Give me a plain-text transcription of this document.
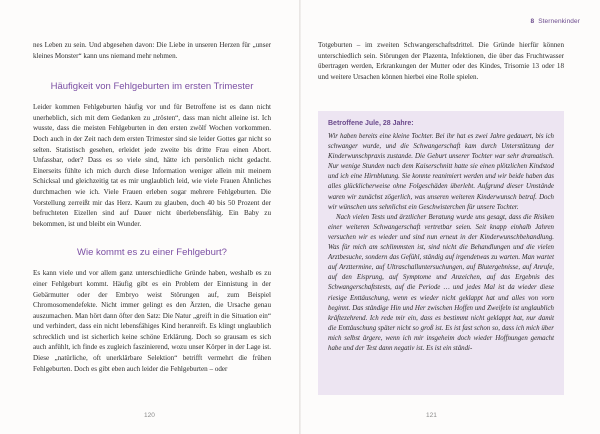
nes Leben zu sein. Und abgesehen davon: Die Liebe in unseren Herzen für „unser kleines Monster“ kann uns niemand mehr nehmen.

Häufigkeit von Fehlgeburten im ersten Trimester

Leider kommen Fehlgeburten häufig vor und für Betroffene ist es dann nicht unerheblich, sich mit dem Gedanken zu „trösten“, dass man nicht alleine ist. Ich wusste, dass die meisten Fehlgeburten in den ersten zwölf Wochen vorkommen. Doch auch in der Zeit nach dem ersten Trimester sind sie leider Gottes gar nicht so selten. Statistisch gesehen, erleidet jede zweite bis dritte Frau einen Abort. Unfassbar, oder? Dass es so viele sind, hätte ich persönlich nicht gedacht. Einerseits fühlte ich mich durch diese Information weniger allein mit meinem Schicksal und gleichzeitig tat es mir unglaublich leid, wie viele Frauen Ähnliches durchmachen wie ich. Viele Frauen erleben sogar mehrere Fehlgeburten. Die Vorstellung zerreißt mir das Herz. Kaum zu glauben, doch 40 bis 50 Prozent der befruchteten Eizellen sind auf Dauer nicht überlebensfähig. Ein Baby zu bekommen, ist und bleibt ein Wunder.

Wie kommt es zu einer Fehlgeburt?

Es kann viele und vor allem ganz unterschiedliche Gründe haben, weshalb es zu einer Fehlgeburt kommt. Häufig gibt es ein Problem der Einnistung in der Gebärmutter oder der Embryo weist Störungen auf, zum Beispiel Chromosomendefekte. Nicht immer gelingt es den Ärzten, die Ursache genau auszumachen. Man hört dann öfter den Satz: Die Natur „greift in die Situation ein“ und verhindert, dass ein nicht lebensfähiges Kind heranreift. Es klingt unglaublich schrecklich und ist sicherlich keine schöne Erklärung. Doch so grausam es sich auch anfühlt, ich finde es zugleich faszinierend, wozu unser Körper in der Lage ist. Diese „natürliche, oft unerklärbare Selektion“ betrifft vermehrt die frühen Fehlgeburten. Doch es gibt eben auch leider die Fehlgeburten – oder

120
8 Sternenkinder

Totgeburten – im zweiten Schwangerschaftsdrittel. Die Gründe hierfür können unterschiedlich sein. Störungen der Plazenta, Infektionen, die über das Fruchtwasser übertragen werden, Erkrankungen der Mutter oder des Kindes, Trisomie 13 oder 18 und weitere Ursachen können hierbei eine Rolle spielen.

Betroffene Jule, 28 Jahre:

Wir haben bereits eine kleine Tochter. Bei ihr hat es zwei Jahre gedauert, bis ich schwanger wurde, und die Schwangerschaft kam durch Unterstützung der Kinderwunschpraxis zustande. Die Geburt unserer Tochter war sehr dramatisch. Nur wenige Stunden nach dem Kaiserschnitt hatte sie einen plötzlichen Kindstod und ich eine Hirnblutung. Sie konnte reanimiert werden und wir beide haben das alles glücklicherweise ohne Folgeschäden überlebt. Aufgrund dieser Umstände waren wir zunächst zögerlich, was unseren weiteren Kinderwunsch betraf. Doch wir wünschen uns sehnlichst ein Geschwisterchen für unsere Tochter.

Nach vielen Tests und ärztlicher Beratung wurde uns gesagt, dass die Risiken einer weiteren Schwangerschaft vertretbar seien. Seit knapp einhalb Jahren versuchen wir es wieder und sind nun erneut in der Kinderwunschbehandlung. Was für mich am schlimmsten ist, sind nicht die Behandlungen und die vielen Arztbesuche, sondern das Gefühl, ständig auf irgendetwas zu warten. Man wartet auf Arzttermine, auf Ultraschalluntersuchungen, auf Blutergebnisse, auf Anrufe, auf den Eisprung, auf Symptome und Anzeichen, auf das Ergebnis des Schwangerschaftstests, auf die Periode … und jedes Mal ist da wieder diese riesige Enttäuschung, wenn es wieder nicht geklappt hat und alles von vorn beginnt. Das ständige Hin und Her zwischen Hoffen und Zweifeln ist unglaublich kräftezehrend. Ich rede mir ein, dass es bestimmt nicht geklappt hat, nur damit die Enttäuschung später nicht so groß ist. Es ist fast schon so, dass ich mich über mich selbst ärgere, wenn ich mir insgeheim doch wieder Hoffnungen gemacht habe und der Test dann negativ ist. Es ist ein ständi-

121
